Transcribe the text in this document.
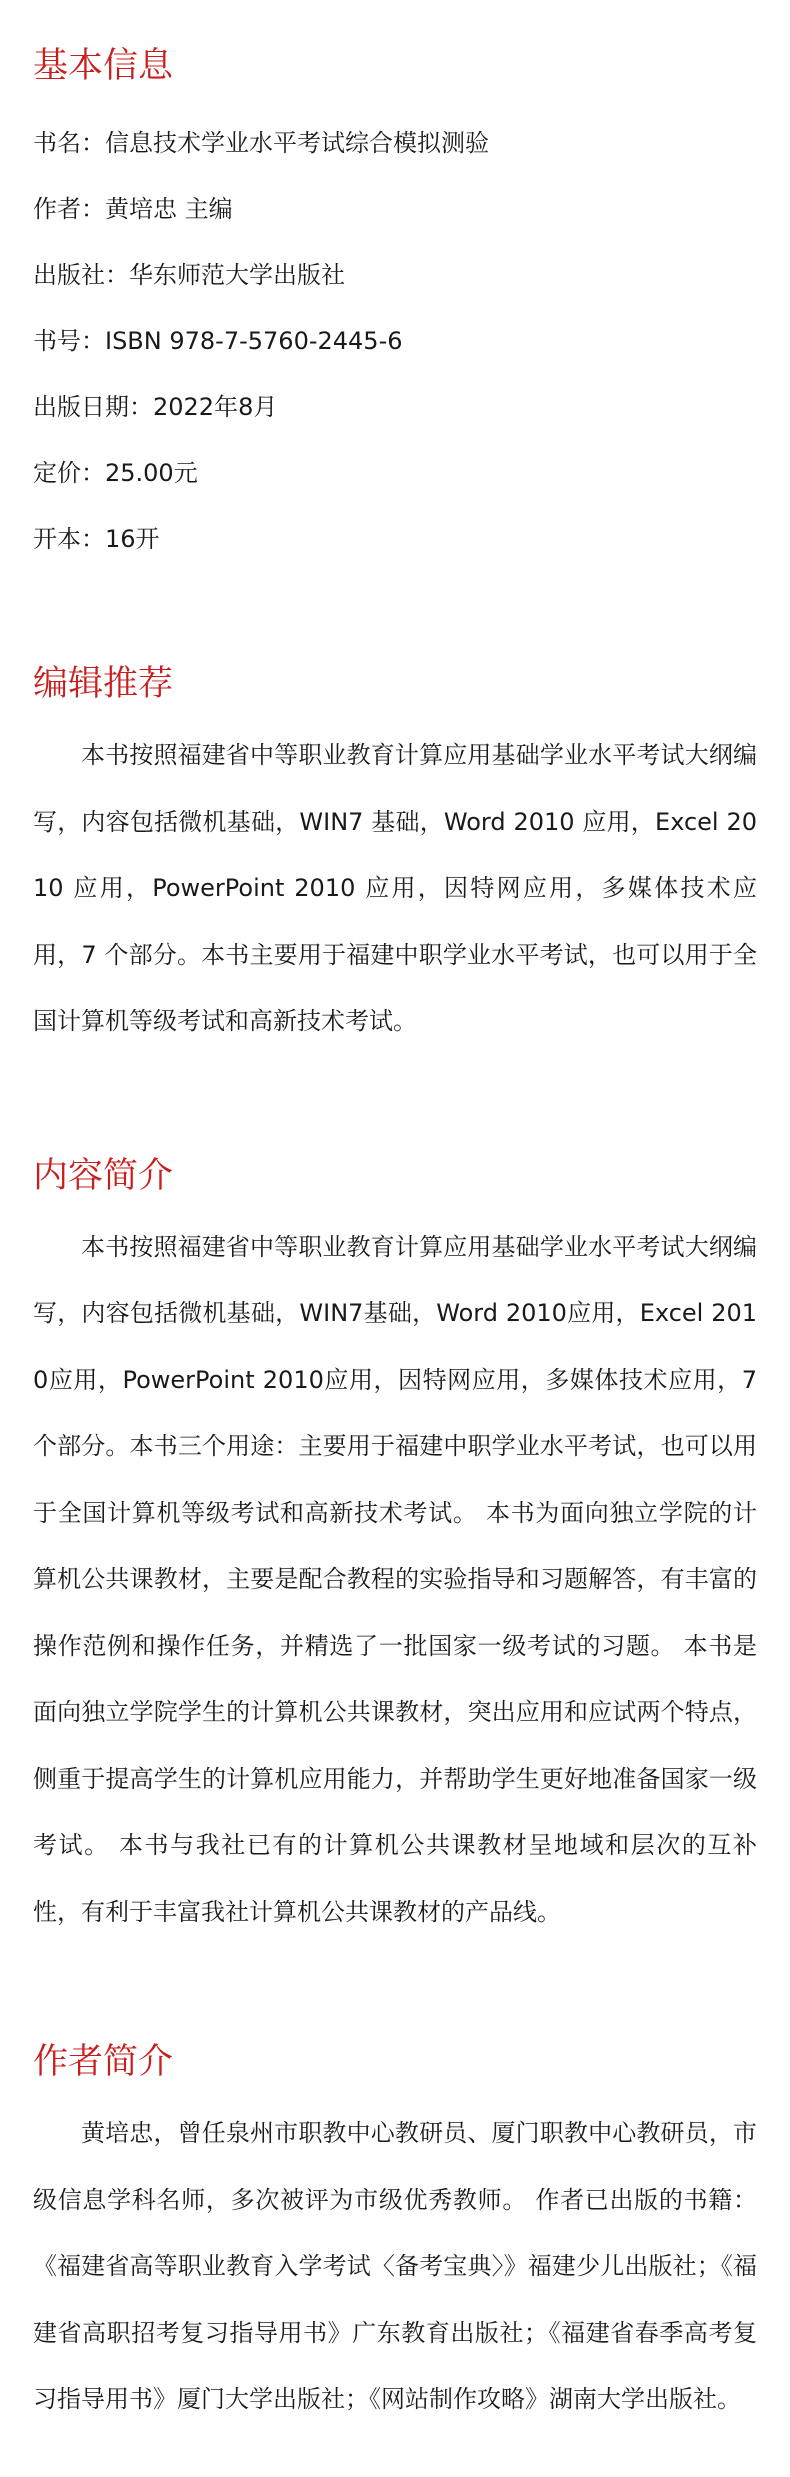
基本信息
书名：信息技术学业水平考试综合模拟测验
作者：黄培忠 主编
出版社：华东师范大学出版社
书号：ISBN 978-7-5760-2445-6
出版日期：2022年8月
定价：25.00元
开本：16开
编辑推荐

本书按照福建省中等职业教育计算应用基础学业水平考试大纲编写，内容包括微机基础，WIN7 基础，Word 2010 应用，Excel 2010 应用，PowerPoint 2010 应用，因特网应用，多媒体技术应用，7 个部分。本书主要用于福建中职学业水平考试，也可以用于全国计算机等级考试和高新技术考试。

内容简介

本书按照福建省中等职业教育计算应用基础学业水平考试大纲编写，内容包括微机基础，WIN7基础，Word 2010应用，Excel 2010应用，PowerPoint 2010应用，因特网应用，多媒体技术应用，7个部分。本书三个用途：主要用于福建中职学业水平考试，也可以用于全国计算机等级考试和高新技术考试。 本书为面向独立学院的计算机公共课教材，主要是配合教程的实验指导和习题解答，有丰富的操作范例和操作任务，并精选了一批国家一级考试的习题。 本书是面向独立学院学生的计算机公共课教材，突出应用和应试两个特点，侧重于提高学生的计算机应用能力，并帮助学生更好地准备国家一级考试。 本书与我社已有的计算机公共课教材呈地域和层次的互补性，有利于丰富我社计算机公共课教材的产品线。

作者简介

黄培忠，曾任泉州市职教中心教研员、厦门职教中心教研员，市级信息学科名师，多次被评为市级优秀教师。 作者已出版的书籍：《福建省高等职业教育入学考试〈备考宝典〉》福建少儿出版社；《福建省高职招考复习指导用书》广东教育出版社；《福建省春季高考复习指导用书》厦门大学出版社；《网站制作攻略》湖南大学出版社。
